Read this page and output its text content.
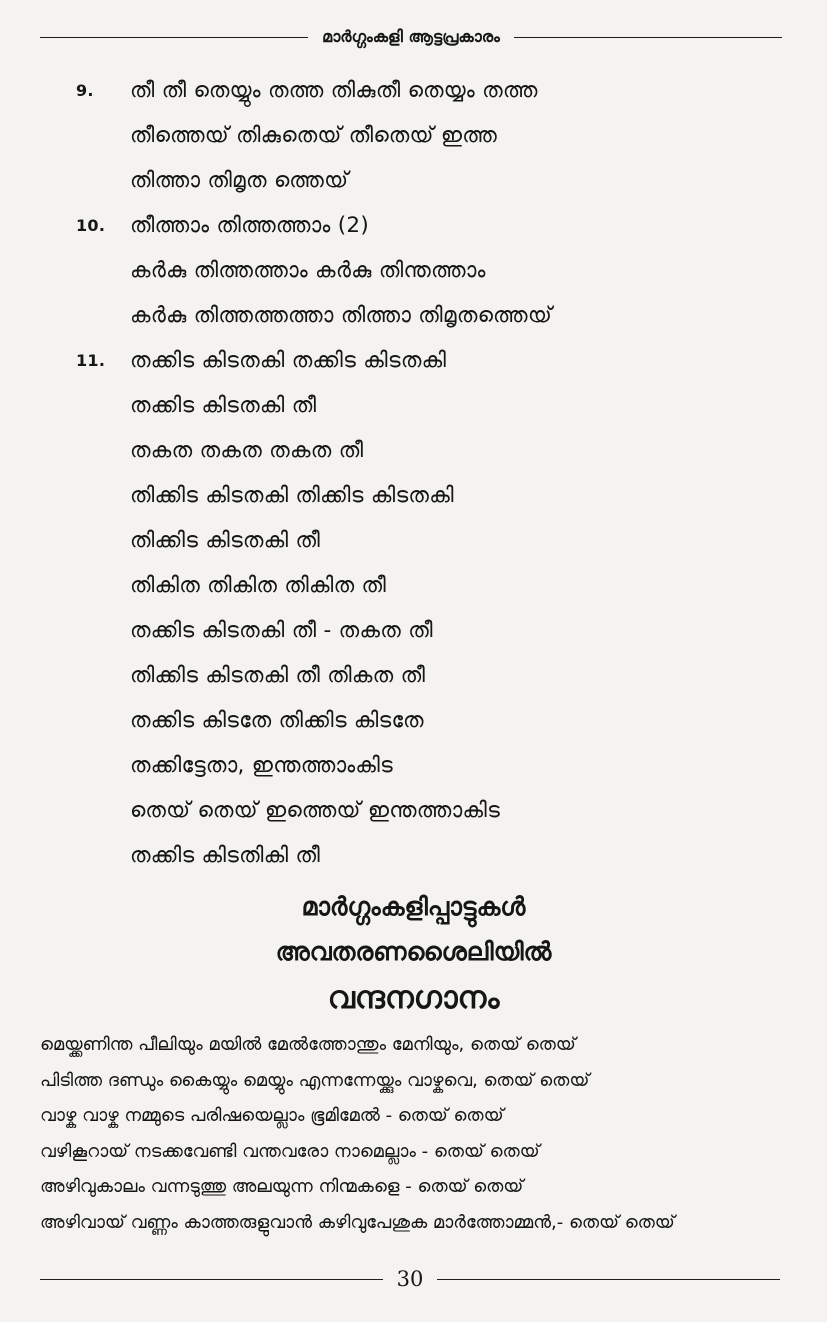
മാർഗ്ഗംകളി ആട്ടപ്രകാരം
9.	തീ തീ തെയ്യും തത്ത തികുതീ തെയ്യം തത്ത
തീത്തെയ് തികുതെയ് തീതെയ് ഇത്ത
തിത്താ തിമൃത ത്തെയ്
10.	തീത്താം തിത്തത്താം (2)
കർകു തിത്തത്താം കർകു തിന്തത്താം
കർകു തിത്തത്തത്താ തിത്താ തിമൃതത്തെയ്
11.	തക്കിട കിടതകി തക്കിട കിടതകി
തക്കിട കിടതകി തീ
തകത തകത തകത തീ
തിക്കിട കിടതകി തിക്കിട കിടതകി
തിക്കിട കിടതകി തീ
തികിത തികിത തികിത തീ
തക്കിട കിടതകി തീ - തകത തീ
തിക്കിട കിടതകി തീ തികത തീ
തക്കിട കിടതേ തിക്കിട കിടതേ
തക്കിട്ടേതാ, ഇന്തത്താംകിട
തെയ് തെയ് ഇത്തെയ് ഇന്തത്താകിട
തക്കിട കിടതികി തീ
മാർഗ്ഗംകളിപ്പാട്ടുകൾ
അവതരണശൈലിയിൽ
വന്ദനഗാനം
മെയ്ക്കണിന്ത പീലിയും മയിൽ മേൽത്തോന്തും മേനിയും, തെയ് തെയ്
പിടിത്ത ദണ്ഡും കൈയ്യും മെയ്യും എന്നന്നേയ്ക്കും വാഴ്കവെ, തെയ് തെയ്
വാഴ്ക വാഴ്ക നമ്മുടെ പരിഷയെല്ലാം ഭൂമിമേൽ - തെയ് തെയ്
വഴികൂറായ് നടക്കവേണ്ടി വന്തവരോ നാമെല്ലാം - തെയ് തെയ്
അഴിവുകാലം വന്നടുത്തു അലയുന്ന നിന്മകളെ - തെയ് തെയ്
അഴിവായ് വണ്ണം കാത്തരുളുവാൻ കഴിവുപേശുക മാർത്തോമ്മൻ,- തെയ് തെയ്
30
